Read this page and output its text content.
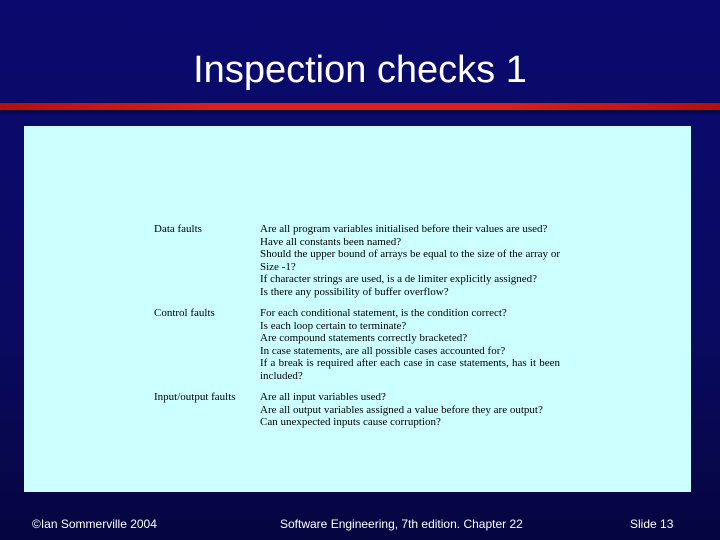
Inspection checks 1
Data faults	Are all program variables initialised before their values are used?
Have all constants been named?
Should the upper bound of arrays be equal to the size of the array or Size -1?
If character strings are used, is a de limiter explicitly assigned?
Is there any possibility of buffer overflow?

Control faults	For each conditional statement, is the condition correct?
Is each loop certain to terminate?
Are compound statements correctly bracketed?
In case statements, are all possible cases accounted for?
If a break is required after each case in case statements, has it been included?

Input/output faults	Are all input variables used?
Are all output variables assigned a value before they are output?
Can unexpected inputs cause corruption?
©Ian Sommerville 2004	Software Engineering, 7th edition. Chapter 22	Slide 13
